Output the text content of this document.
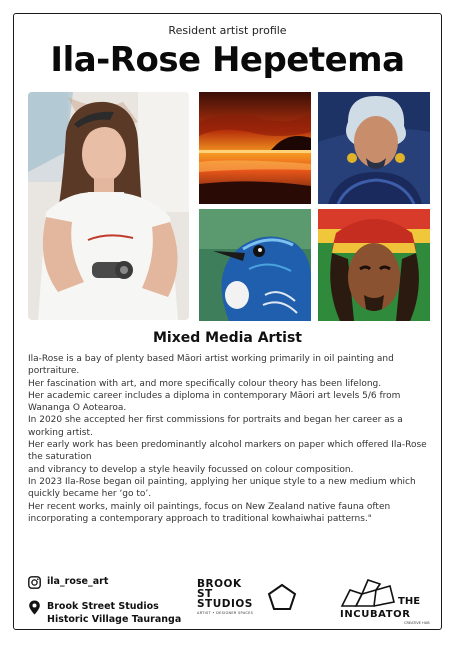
Resident artist profile
Ila-Rose Hepetema
Mixed Media Artist

Ila-Rose is a bay of plenty based Māori artist working primarily in oil painting and portraiture.

Her fascination with art, and more specifically colour theory has been lifelong.

Her academic career includes a diploma in contemporary Māori art levels 5/6 from Wananga O Aotearoa.

In 2020 she accepted her first commissions for portraits and began her career as a working artist.

Her early work has been predominantly alcohol markers on paper which offered Ila-Rose the saturation

and vibrancy to develop a style heavily focussed on colour composition.

In 2023 Ila-Rose began oil painting, applying her unique style to a new medium which quickly became her ‘go to’.

Her recent works, mainly oil paintings, focus on New Zealand native fauna often incorporating a contemporary approach to traditional kowhaiwhai patterns."

ila_rose_art
Brook Street Studios
Historic Village Tauranga
BROOK ST
STUDIOS
ARTIST • DESIGNER SPACES
THE
INCUBATOR
CREATIVE HUB
